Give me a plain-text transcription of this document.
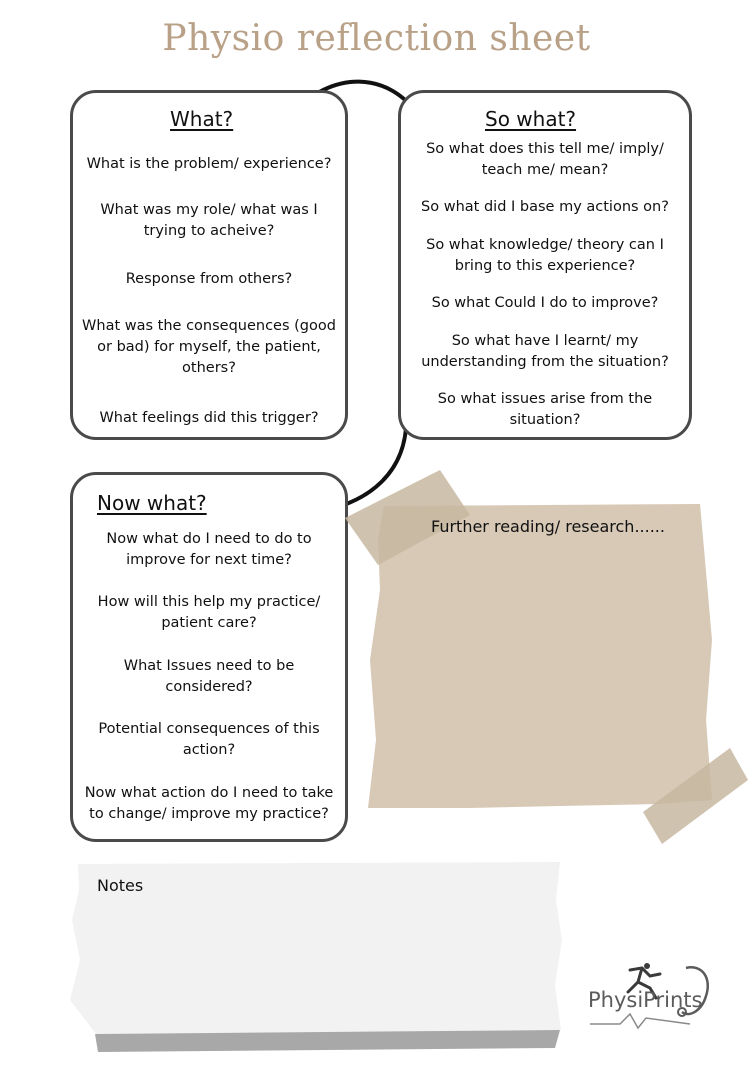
Physio reflection sheet
What?

What is the problem/ experience?

What was my role/ what was I trying to acheive?

Response from others?

What was the consequences (good or bad) for myself, the patient, others?

What feelings did this trigger?

So what?

So what does this tell me/ imply/ teach me/ mean?

So what did I base my actions on?

So what knowledge/ theory can I bring to this experience?

So what Could I do to improve?

So what have I learnt/ my understanding from the situation?

So what issues arise from the situation?

Now what?

Now what do I need to do to improve for next time?

How will this help my practice/ patient care?

What Issues need to be considered?

Potential consequences of this action?

Now what action do I need to take to change/ improve my practice?

Further reading/ research......
Notes
PhysiPrints
